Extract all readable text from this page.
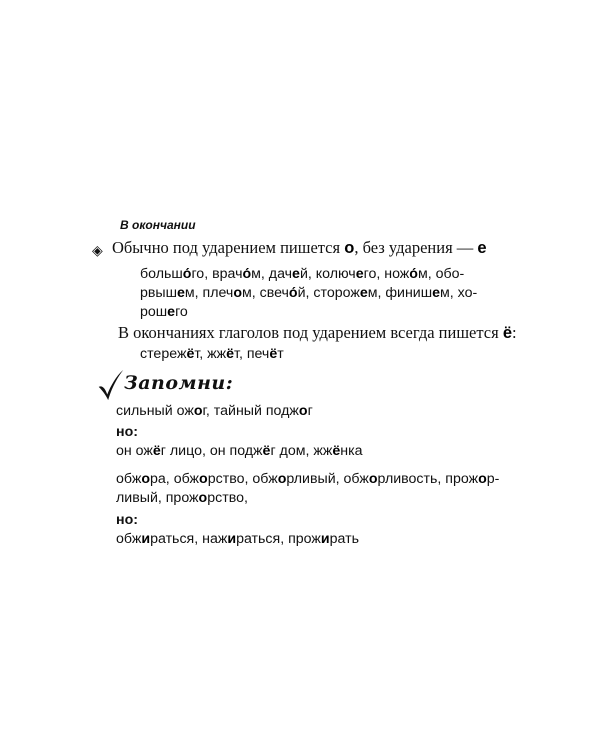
В окончании
◈ Обычно под ударением пишется о, без ударения — е
большо́го, врачо́м, дачей, колючего, ножо́м, обо-
рвышем, плечом, свечо́й, сторожем, финишем, хо-
рошего
В окончаниях глаголов под ударением всегда пишется ё:
стережёт, жжёт, печёт
Запомни:
сильный ожог, тайный поджог
но:
он ожёг лицо, он поджёг дом, жжёнка
обжора, обжорство, обжорливый, обжорливость, прожор-
ливый, прожорство,
но:
обжираться, нажираться, прожирать
